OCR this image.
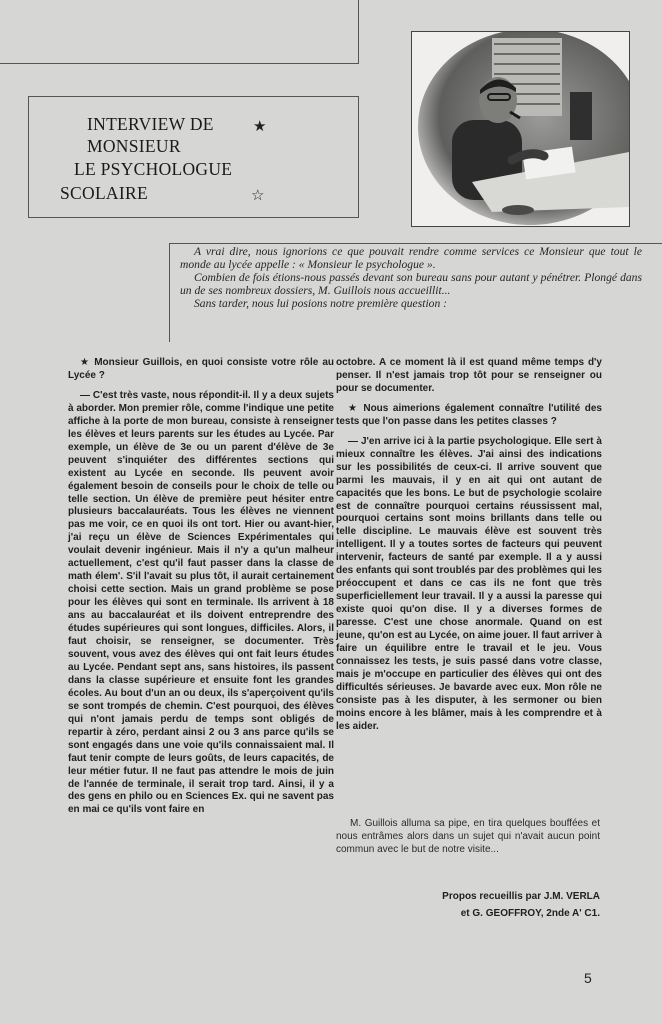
INTERVIEW DE	★
MONSIEUR
LE PSYCHOLOGUE
SCOLAIRE	☆

A vrai dire, nous ignorions ce que pouvait rendre comme services ce Monsieur que tout le monde au lycée appelle : « Monsieur le psychologue ».

Combien de fois étions-nous passés devant son bureau sans pour autant y pénétrer. Plongé dans un de ses nombreux dossiers, M. Guillois nous accueillit...

Sans tarder, nous lui posions notre première question :

★ Monsieur Guillois, en quoi consiste votre rôle au Lycée ?

— C'est très vaste, nous répondit-il. Il y a deux sujets à aborder. Mon premier rôle, comme l'indique une petite affiche à la porte de mon bureau, consiste à renseigner les élèves et leurs parents sur les études au Lycée. Par exemple, un élève de 3e ou un parent d'élève de 3e peuvent s'inquiéter des différentes sections qui existent au Lycée en seconde. Ils peuvent avoir également besoin de conseils pour le choix de telle ou telle section. Un élève de première peut hésiter entre plusieurs baccalauréats. Tous les élèves ne viennent pas me voir, ce en quoi ils ont tort. Hier ou avant-hier, j'ai reçu un élève de Sciences Expérimentales qui voulait devenir ingénieur. Mais il n'y a qu'un malheur actuellement, c'est qu'il faut passer dans la classe de math élem'. S'il l'avait su plus tôt, il aurait certainement choisi cette section. Mais un grand problème se pose pour les élèves qui sont en terminale. Ils arrivent à 18 ans au baccalauréat et ils doivent entreprendre des études supérieures qui sont longues, difficiles. Alors, il faut choisir, se renseigner, se documenter. Très souvent, vous avez des élèves qui ont fait leurs études au Lycée. Pendant sept ans, sans histoires, ils passent dans la classe supérieure et ensuite font les grandes écoles. Au bout d'un an ou deux, ils s'aperçoivent qu'ils se sont trompés de chemin. C'est pourquoi, des élèves qui n'ont jamais perdu de temps sont obligés de repartir à zéro, perdant ainsi 2 ou 3 ans parce qu'ils se sont engagés dans une voie qu'ils connaissaient mal. Il faut tenir compte de leurs goûts, de leurs capacités, de leur métier futur. Il ne faut pas attendre le mois de juin de l'année de terminale, il serait trop tard. Ainsi, il y a des gens en philo ou en Sciences Ex. qui ne savent pas en mai ce qu'ils vont faire en

octobre. A ce moment là il est quand même temps d'y penser. Il n'est jamais trop tôt pour se renseigner ou pour se documenter.

★ Nous aimerions également connaître l'utilité des tests que l'on passe dans les petites classes ?

— J'en arrive ici à la partie psychologique. Elle sert à mieux connaître les élèves. J'ai ainsi des indications sur les possibilités de ceux-ci. Il arrive souvent que parmi les mauvais, il y en ait qui ont autant de capacités que les bons. Le but de psychologie scolaire est de connaître pourquoi certains réussissent mal, pourquoi certains sont moins brillants dans telle ou telle discipline. Le mauvais élève est souvent très intelligent. Il y a toutes sortes de facteurs qui peuvent intervenir, facteurs de santé par exemple. Il a y aussi des enfants qui sont troublés par des problèmes qui les préoccupent et dans ce cas ils ne font que très superficiellement leur travail. Il y a aussi la paresse qui existe quoi qu'on dise. Il y a diverses formes de paresse. C'est une chose anormale. Quand on est jeune, qu'on est au Lycée, on aime jouer. Il faut arriver à faire un équilibre entre le travail et le jeu. Vous connaissez les tests, je suis passé dans votre classe, mais je m'occupe en particulier des élèves qui ont des difficultés sérieuses. Je bavarde avec eux. Mon rôle ne consiste pas à les disputer, à les sermoner ou bien moins encore à les blâmer, mais à les comprendre et à les aider.

M. Guillois alluma sa pipe, en tira quelques bouffées et nous entrâmes alors dans un sujet qui n'avait aucun point commun avec le but de notre visite...

Propos recueillis par J.M. VERLA
et G. GEOFFROY, 2nde A' C1.
5
